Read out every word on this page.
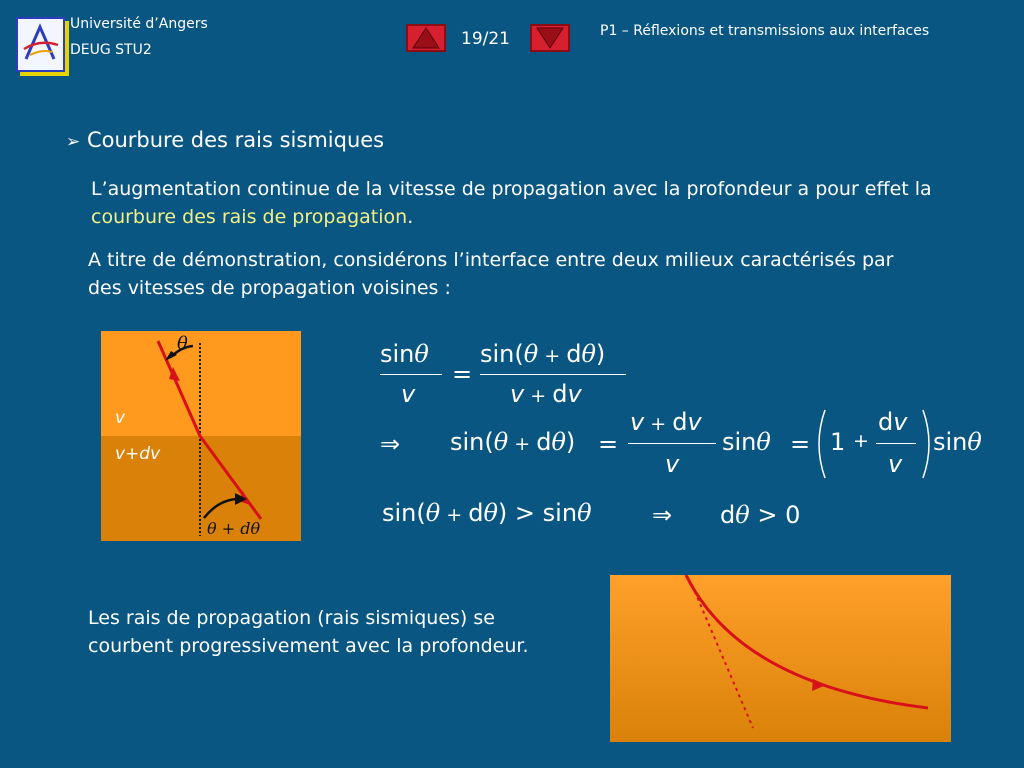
Université d’Angers
DEUG STU2
19/21	P1 – Réflexions et transmissions aux interfaces
➢ Courbure des rais sismiques
L’augmentation continue de la vitesse de propagation avec la profondeur a pour effet la courbure des rais de propagation.
A titre de démonstration, considérons l’interface entre deux milieux caractérisés par des vitesses de propagation voisines :
θ
v
v+dv
θ + dθ
sinθ
v
=
sin(θ + dθ)
v + dv
⇒ sin(θ + dθ) =
v + dv
v
sinθ = 1 +
dv
v
sinθ
sin(θ + dθ) > sinθ	⇒ dθ > 0
Les rais de propagation (rais sismiques) se courbent progressivement avec la profondeur.
